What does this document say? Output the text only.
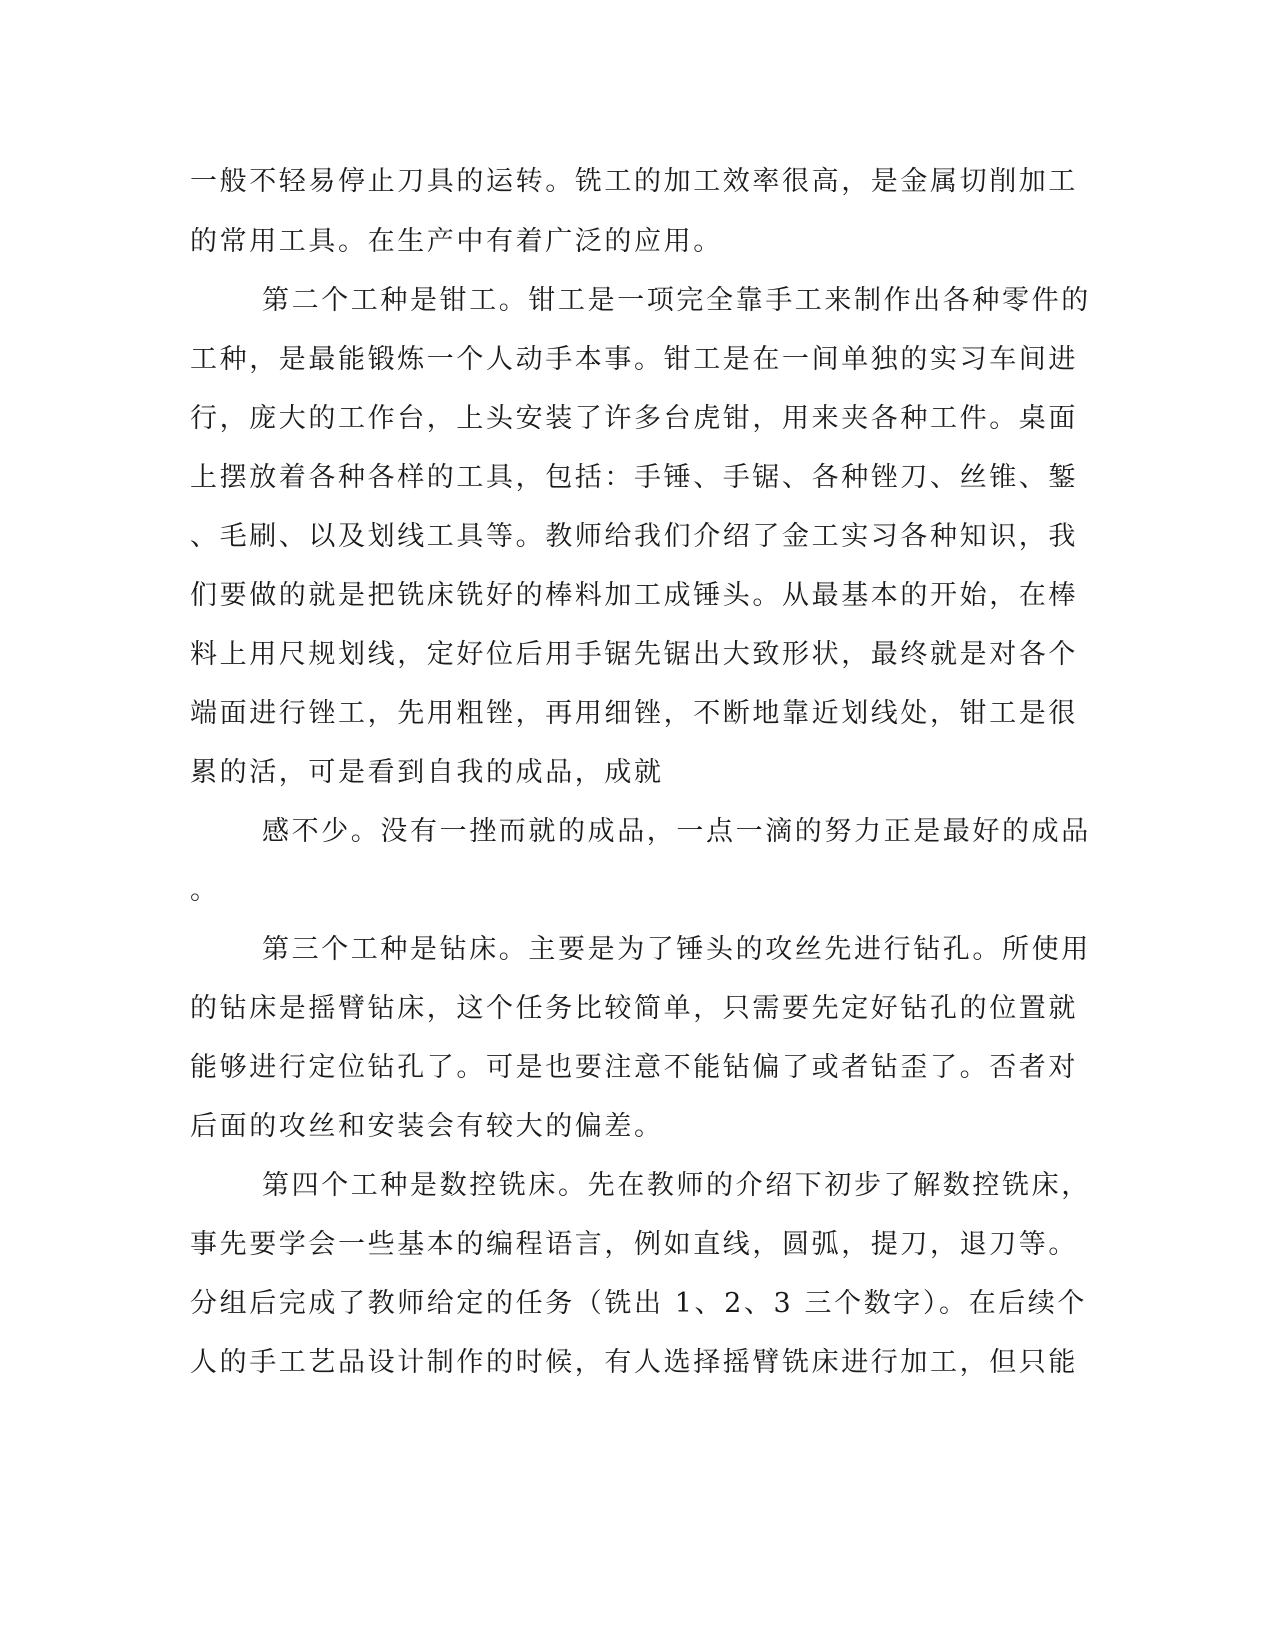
一般不轻易停止刀具的运转。铣工的加工效率很高，是金属切削加工
的常用工具。在生产中有着广泛的应用。
第二个工种是钳工。钳工是一项完全靠手工来制作出各种零件的
工种，是最能锻炼一个人动手本事。钳工是在一间单独的实习车间进
行，庞大的工作台，上头安装了许多台虎钳，用来夹各种工件。桌面
上摆放着各种各样的工具，包括：手锤、手锯、各种锉刀、丝锥、錾
、毛刷、以及划线工具等。教师给我们介绍了金工实习各种知识，我
们要做的就是把铣床铣好的棒料加工成锤头。从最基本的开始，在棒
料上用尺规划线，定好位后用手锯先锯出大致形状，最终就是对各个
端面进行锉工，先用粗锉，再用细锉，不断地靠近划线处，钳工是很
累的活，可是看到自我的成品，成就
感不少。没有一挫而就的成品，一点一滴的努力正是最好的成品
。
第三个工种是钻床。主要是为了锤头的攻丝先进行钻孔。所使用
的钻床是摇臂钻床，这个任务比较简单，只需要先定好钻孔的位置就
能够进行定位钻孔了。可是也要注意不能钻偏了或者钻歪了。否者对
后面的攻丝和安装会有较大的偏差。
第四个工种是数控铣床。先在教师的介绍下初步了解数控铣床，
事先要学会一些基本的编程语言，例如直线，圆弧，提刀，退刀等。
分组后完成了教师给定的任务（铣出 1、2、3 三个数字）。在后续个
人的手工艺品设计制作的时候，有人选择摇臂铣床进行加工，但只能
